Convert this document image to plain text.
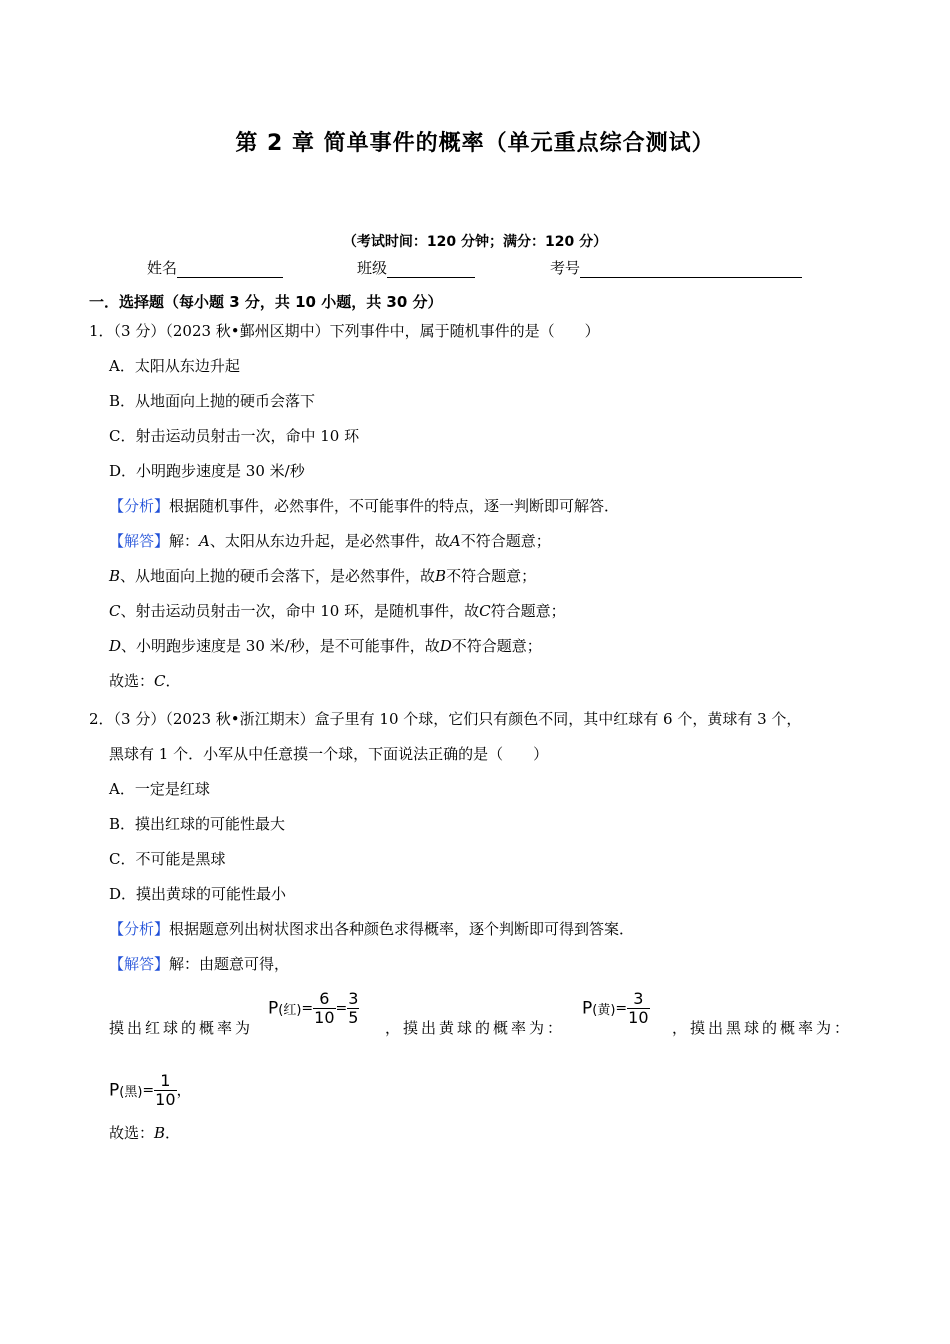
第 2 章 简单事件的概率（单元重点综合测试）
（考试时间：120 分钟；满分：120 分）
姓名	班级	考号
一．选择题（每小题 3 分，共 10 小题，共 30 分）
1．（3 分）（2023 秋•鄞州区期中）下列事件中，属于随机事件的是（　　）
A．太阳从东边升起
B．从地面向上抛的硬币会落下
C．射击运动员射击一次，命中 10 环
D．小明跑步速度是 30 米/秒
【分析】根据随机事件，必然事件，不可能事件的特点，逐一判断即可解答．
【解答】解：A、太阳从东边升起，是必然事件，故A不符合题意；
B、从地面向上抛的硬币会落下，是必然事件，故B不符合题意；
C、射击运动员射击一次，命中 10 环，是随机事件，故C符合题意；
D、小明跑步速度是 30 米/秒，是不可能事件，故D不符合题意；
故选：C．
2．（3 分）（2023 秋•浙江期末）盒子里有 10 个球，它们只有颜色不同，其中红球有 6 个，黄球有 3 个，
黑球有 1 个．小军从中任意摸一个球，下面说法正确的是（　　）
A．一定是红球
B．摸出红球的可能性最大
C．不可能是黑球
D．摸出黄球的可能性最小
【分析】根据题意列出树状图求出各种颜色求得概率，逐个判断即可得到答案．
【解答】解：由题意可得，
摸出红球的概率为
P(红)= $\frac{6}{10} = \frac{3}{5}$
，摸出黄球的概率为：
P(黄)= $\frac{3}{10}$
，摸出黑球的概率为：
P(黑)= $\frac{1}{10}$ ，
故选：B．
